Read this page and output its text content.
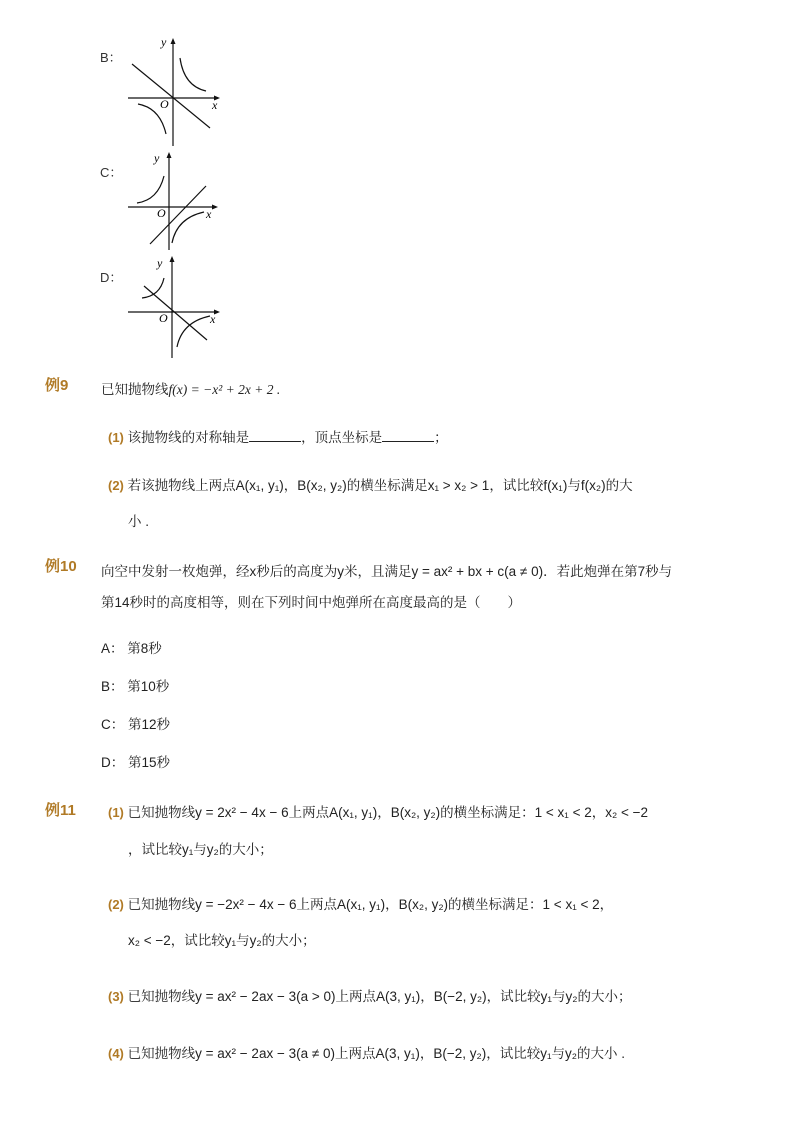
B：
y
x
O
C：
y
x
O
D：
y
x
O
例9 已知抛物线f(x) = −x² + 2x + 2 .
(1) 该抛物线的对称轴是	，顶点坐标是	；
(2) 若该抛物线上两点A(x₁, y₁)，B(x₂, y₂)的横坐标满足x₁ > x₂ > 1，试比较f(x₁)与f(x₂)的大
小 .
例10 向空中发射一枚炮弹，经x秒后的高度为y米，且满足y = ax² + bx + c(a ≠ 0)．若此炮弹在第7秒与
第14秒时的高度相等，则在下列时间中炮弹所在高度最高的是（　　）
A： 第8秒
B： 第10秒
C： 第12秒
D： 第15秒
例11 (1) 已知抛物线y = 2x² − 4x − 6上两点A(x₁, y₁)，B(x₂, y₂)的横坐标满足：1 < x₁ < 2，x₂ < −2
，试比较y₁与y₂的大小；
(2) 已知抛物线y = −2x² − 4x − 6上两点A(x₁, y₁)，B(x₂, y₂)的横坐标满足：1 < x₁ < 2，
x₂ < −2，试比较y₁与y₂的大小；
(3) 已知抛物线y = ax² − 2ax − 3(a > 0)上两点A(3, y₁)，B(−2, y₂)，试比较y₁与y₂的大小；
(4) 已知抛物线y = ax² − 2ax − 3(a ≠ 0)上两点A(3, y₁)，B(−2, y₂)，试比较y₁与y₂的大小 .
